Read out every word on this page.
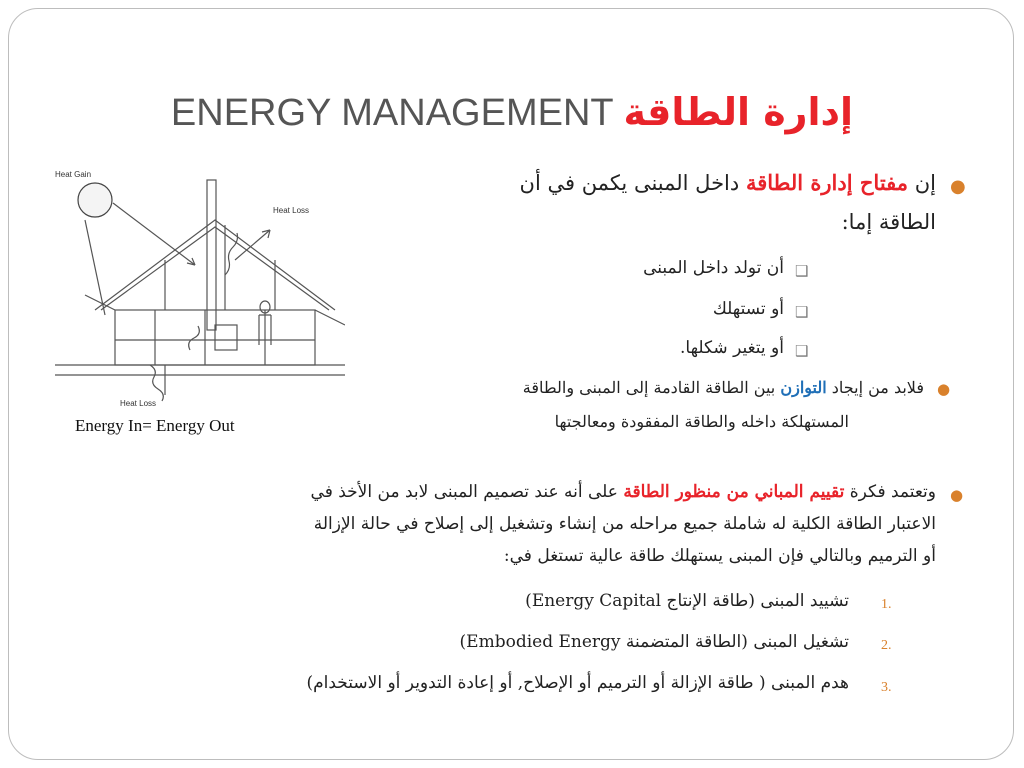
ENERGY MANAGEMENT إدارة الطاقة
Heat Gain
Heat Loss
Heat Loss
Energy In= Energy Out
●
إن مفتاح إدارة الطاقة داخل المبنى يكمن في أن
الطاقة إما:
❑
أن تولد داخل المبنى
❑
أو تستهلك
❑
أو يتغير شكلها.
●
فلابد من إيجاد التوازن بين الطاقة القادمة إلى المبنى والطاقة
المستهلكة داخله والطاقة المفقودة ومعالجتها
●
وتعتمد فكرة تقييم المباني من منظور الطاقة على أنه عند تصميم المبنى لابد من الأخذ في
الاعتبار الطاقة الكلية له شاملة جميع مراحله من إنشاء وتشغيل إلى إصلاح في حالة الإزالة
أو الترميم وبالتالي فإن المبنى يستهلك طاقة عالية تستغل في:
1.
تشييد المبنى (طاقة الإنتاج Energy Capital)
2.
تشغيل المبنى (الطاقة المتضمنة Embodied Energy)
3.
هدم المبنى ( طاقة الإزالة أو الترميم أو الإصلاح, أو إعادة التدوير أو الاستخدام)
